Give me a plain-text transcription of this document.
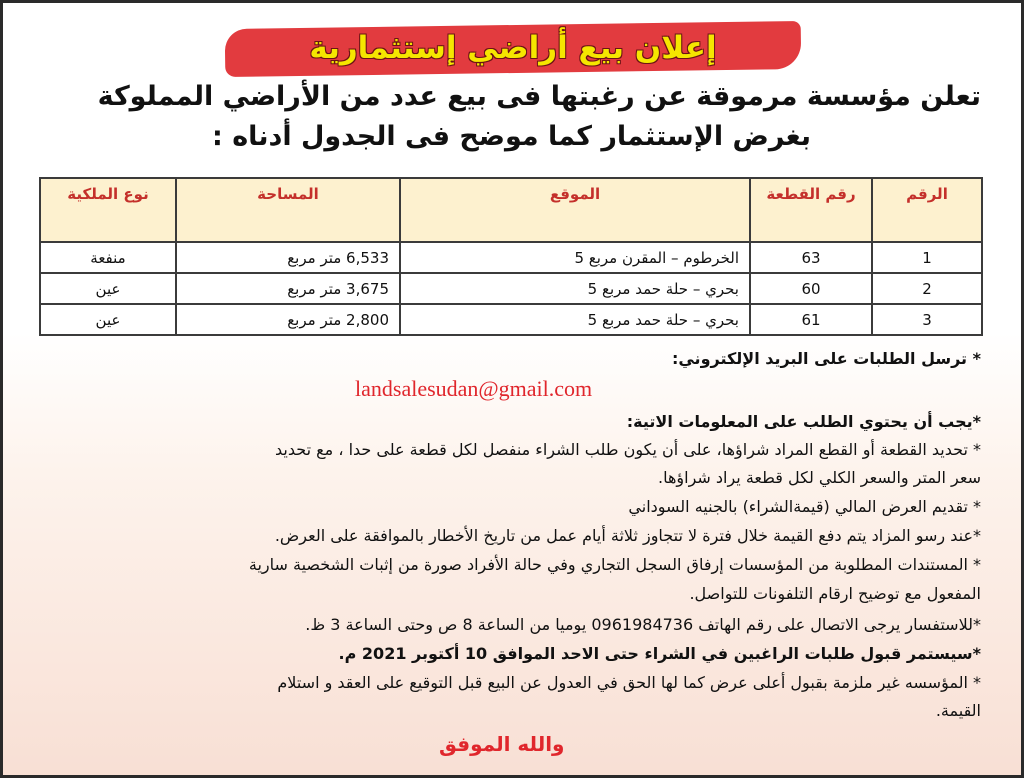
إعلان بيع أراضي إستثمارية
تعلن مؤسسة مرموقة عن رغبتها فى بيع عدد من الأراضي المملوكة
بغرض الإستثمار كما موضح فى الجدول أدناه :
الرقم	رقم القطعة	الموقع	المساحة	نوع الملكية
1	63	الخرطوم – المقرن مربع 5	6,533 متر مربع	منفعة
2	60	بحري – حلة حمد مربع 5	3,675 متر مربع	عين
3	61	بحري – حلة حمد مربع 5	2,800 متر مربع	عين
* ترسل الطلبات على البريد الإلكتروني:
landsalesudan@gmail.com
*يجب أن يحتوي الطلب على المعلومات الاتية:
* تحديد القطعة أو القطع المراد شراؤها، على أن يكون طلب الشراء منفصل لكل قطعة على حدا ، مع تحديد
سعر المتر والسعر الكلي لكل قطعة يراد شراؤها.
* تقديم العرض المالي (قيمةالشراء) بالجنيه السوداني
*عند رسو المزاد يتم دفع القيمة خلال فترة لا تتجاوز ثلاثة أيام عمل من تاريخ الأخطار بالموافقة على العرض.
* المستندات المطلوبة من المؤسسات إرفاق السجل التجاري وفي حالة الأفراد صورة من إثبات الشخصية سارية
المفعول مع توضيح ارقام التلفونات للتواصل.
*للاستفسار يرجى الاتصال على رقم الهاتف 0961984736 يوميا من الساعة 8 ص وحتى الساعة 3 ظ.
*سيستمر قبول طلبات الراغبين في الشراء حتى الاحد الموافق 10 أكتوبر 2021 م.
* المؤسسه غير ملزمة بقبول أعلى عرض كما لها الحق في العدول عن البيع قبل التوقيع على العقد و استلام
القيمة.
والله الموفق
